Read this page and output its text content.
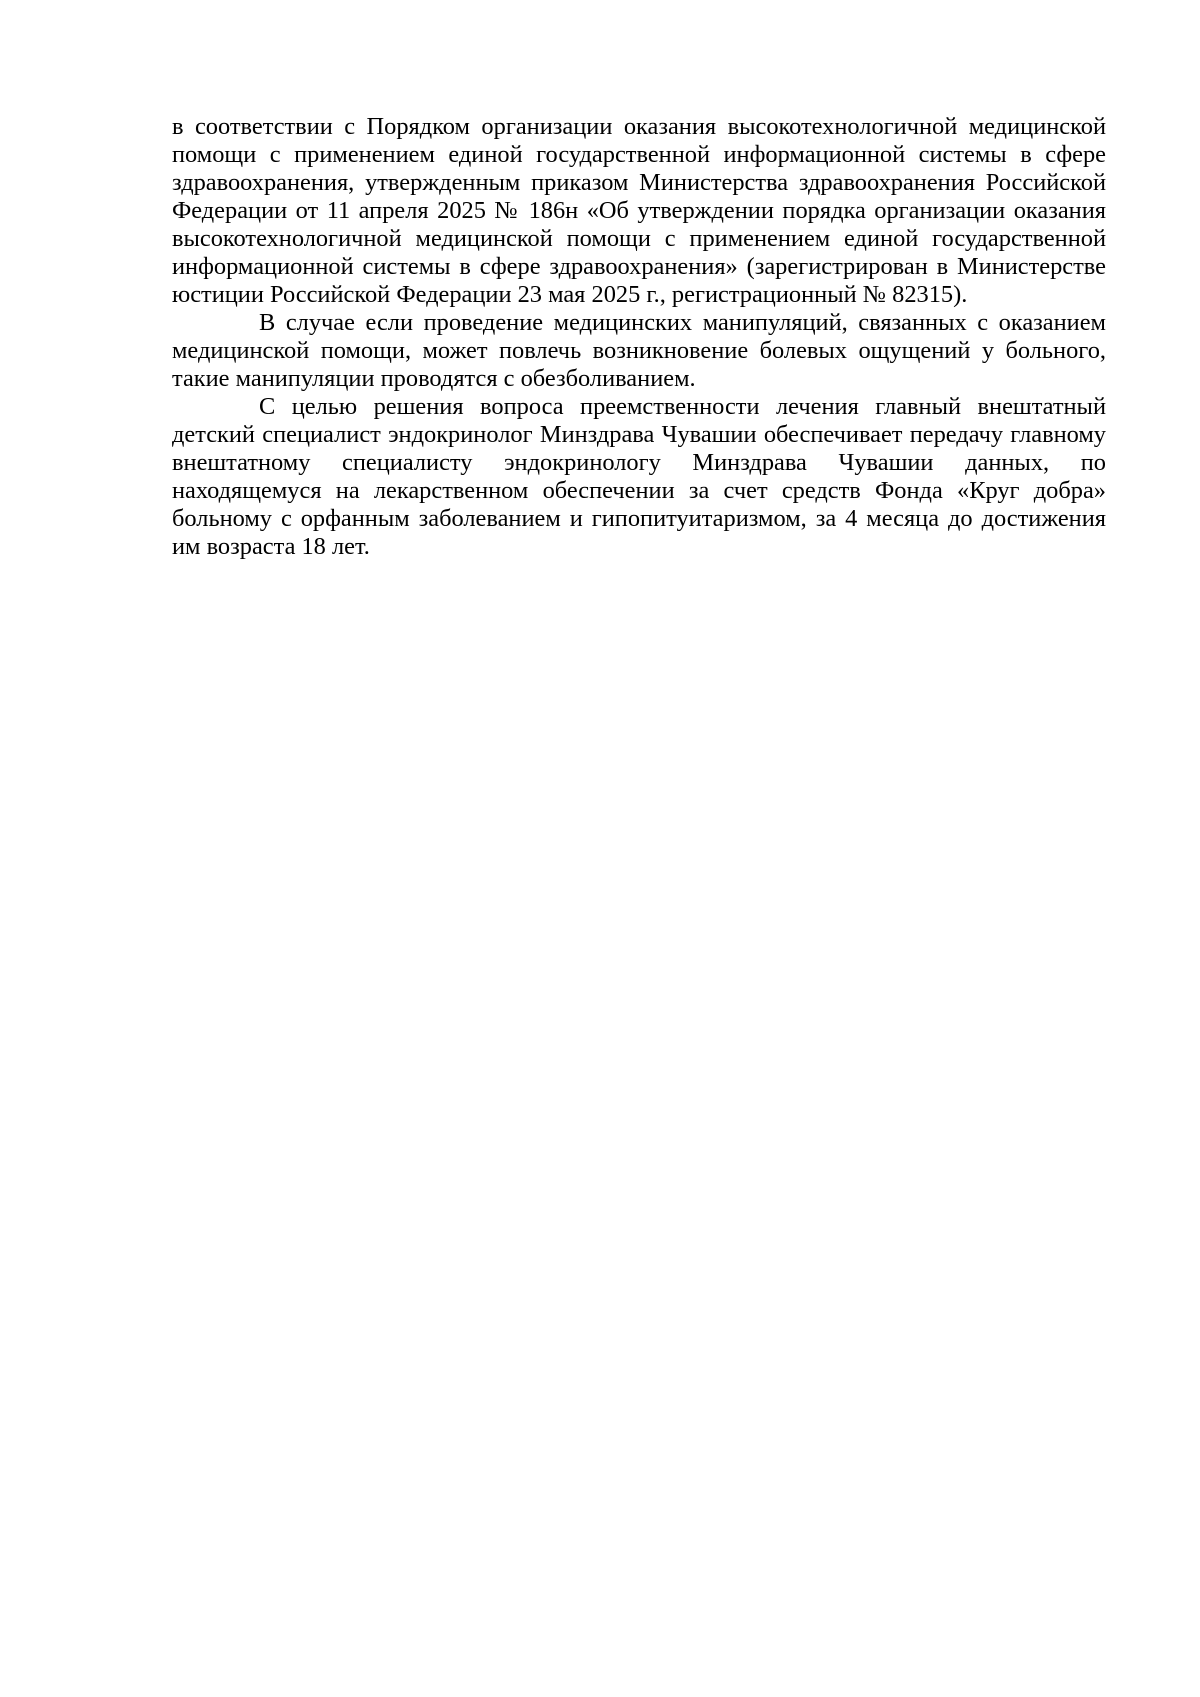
в соответствии с Порядком организации оказания высокотехнологичной медицинской помощи с применением единой государственной информационной системы в сфере здравоохранения, утвержденным приказом Министерства здравоохранения Российской Федерации от 11 апреля 2025 № 186н «Об утверждении порядка организации оказания высокотехнологичной медицинской помощи с применением единой государственной информационной системы в сфере здравоохранения» (зарегистрирован в Министерстве юстиции Российской Федерации 23 мая 2025 г., регистрационный № 82315).

В случае если проведение медицинских манипуляций, связанных с оказанием медицинской помощи, может повлечь возникновение болевых ощущений у больного, такие манипуляции проводятся с обезболиванием.

С целью решения вопроса преемственности лечения главный внештатный детский специалист эндокринолог Минздрава Чувашии обеспечивает передачу главному внештатному специалисту эндокринологу Минздрава Чувашии данных, по находящемуся на лекарственном обеспечении за счет средств Фонда «Круг добра» больному с орфанным заболеванием и гипопитуитаризмом, за 4 месяца до достижения им возраста 18 лет.
